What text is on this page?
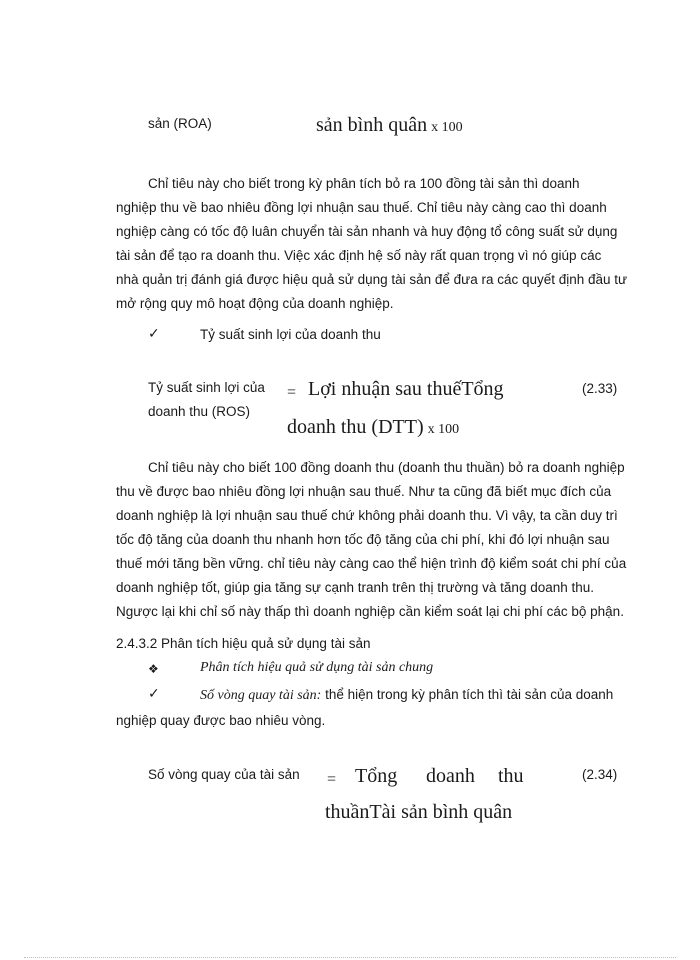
sản (ROA)	sản bình quân x 100

Chỉ tiêu này cho biết trong kỳ phân tích bỏ ra 100 đồng tài sản thì doanh

nghiệp thu về bao nhiêu đồng lợi nhuận sau thuế. Chỉ tiêu này càng cao thì doanh

nghiệp càng có tốc độ luân chuyển tài sản nhanh và huy động tổ công suất sử dụng

tài sản để tạo ra doanh thu. Việc xác định hệ số này rất quan trọng vì nó giúp các

nhà quản trị đánh giá được hiệu quả sử dụng tài sản để đưa ra các quyết định đầu tư

mở rộng quy mô hoạt động của doanh nghiệp.

✓	Tỷ suất sinh lợi của doanh thu
Tỷ suất sinh lợi của
doanh thu (ROS)
= Lợi nhuận sau thuếTổng
doanh thu (DTT) x 100
(2.33)

Chỉ tiêu này cho biết 100 đồng doanh thu (doanh thu thuần) bỏ ra doanh nghiệp

thu về được bao nhiêu đồng lợi nhuận sau thuế. Như ta cũng đã biết mục đích của

doanh nghiệp là lợi nhuận sau thuế chứ không phải doanh thu. Vì vậy, ta cần duy trì

tốc độ tăng của doanh thu nhanh hơn tốc độ tăng của chi phí, khi đó lợi nhuận sau

thuế mới tăng bền vững. chỉ tiêu này càng cao thể hiện trình độ kiểm soát chi phí của

doanh nghiệp tốt, giúp gia tăng sự cạnh tranh trên thị trường và tăng doanh thu.

Ngược lại khi chỉ số này thấp thì doanh nghiệp cần kiểm soát lại chi phí các bộ phận.

2.4.3.2 Phân tích hiệu quả sử dụng tài sản
❖	Phân tích hiệu quả sử dụng tài sản chung
✓	Số vòng quay tài sản: thể hiện trong kỳ phân tích thì tài sản của doanh
nghiệp quay được bao nhiêu vòng.
Số vòng quay của tài sản = Tổng doanh thu
thuầnTài sản bình quân
(2.34)
